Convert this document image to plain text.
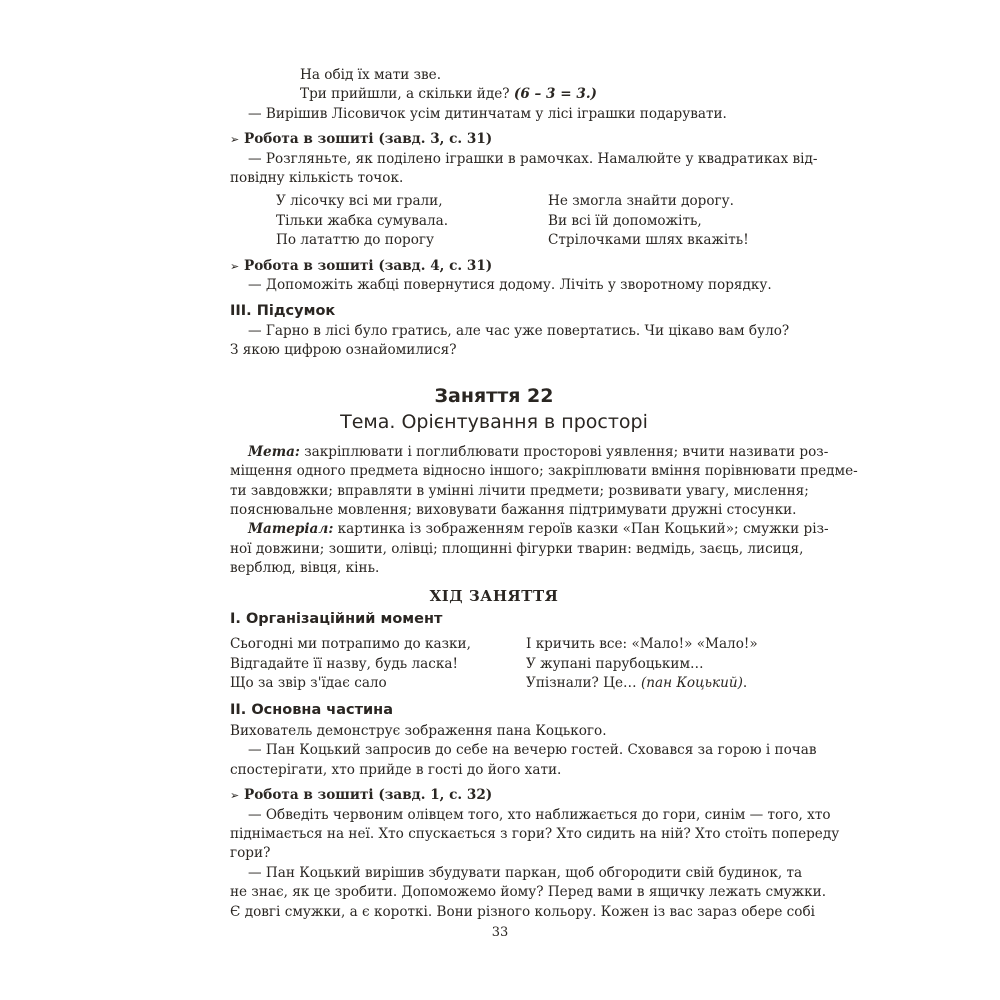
На обід їх мати зве.
Три прийшли, а скільки йде? (6 – 3 = 3.)
— Вирішив Лісовичок усім дитинчатам у лісі іграшки подарувати.
➢ Робота в зошиті (завд. 3, с. 31)
— Розгляньте, як поділено іграшки в рамочках. Намалюйте у квадратиках від-
повідну кількість точок.
У лісочку всі ми грали,
Тільки жабка сумувала.
По лататтю до порогу
Не змогла знайти дорогу.
Ви всі їй допоможіть,
Стрілочками шлях вкажіть!
➢ Робота в зошиті (завд. 4, с. 31)
— Допоможіть жабці повернутися додому. Лічіть у зворотному порядку.
ІІІ. Підсумок
— Гарно в лісі було гратись, але час уже повертатись. Чи цікаво вам було?
З якою цифрою ознайомилися?
Заняття 22
Тема. Орієнтування в просторі
Мета: закріплювати і поглиблювати просторові уявлення; вчити називати роз-
міщення одного предмета відносно іншого; закріплювати вміння порівнювати предме-
ти завдовжки; вправляти в умінні лічити предмети; розвивати увагу, мислення;
пояснювальне мовлення; виховувати бажання підтримувати дружні стосунки.
Матеріал: картинка із зображенням героїв казки «Пан Коцький»; смужки різ-
ної довжини; зошити, олівці; площинні фігурки тварин: ведмідь, заєць, лисиця,
верблюд, вівця, кінь.
ХІД ЗАНЯТТЯ
І. Організаційний момент
Сьогодні ми потрапимо до казки,
Відгадайте її назву, будь ласка!
Що за звір з'їдає сало
І кричить все: «Мало!» «Мало!»
У жупані парубоцьким…
Упізнали? Це… (пан Коцький).
ІІ. Основна частина
Вихователь демонструє зображення пана Коцького.
— Пан Коцький запросив до себе на вечерю гостей. Сховався за горою і почав
спостерігати, хто прийде в гості до його хати.
➢ Робота в зошиті (завд. 1, с. 32)
— Обведіть червоним олівцем того, хто наближається до гори, синім — того, хто
піднімається на неї. Хто спускається з гори? Хто сидить на ній? Хто стоїть попереду
гори?
— Пан Коцький вирішив збудувати паркан, щоб обгородити свій будинок, та
не знає, як це зробити. Допоможемо йому? Перед вами в ящичку лежать смужки.
Є довгі смужки, а є короткі. Вони різного кольору. Кожен із вас зараз обере собі
33
